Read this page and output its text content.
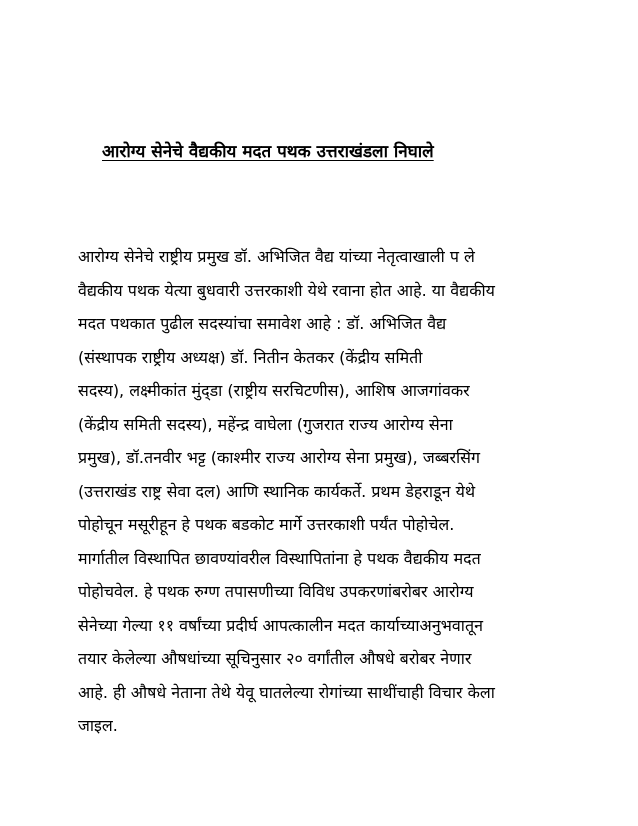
आरोग्य सेनेचे वैद्यकीय मदत पथक उत्तराखंडला निघाले
आरोग्य सेनेचे राष्ट्रीय प्रमुख डॉ. अभिजित वैद्य यांच्या नेतृत्वाखाली प ले
वैद्यकीय पथक येत्या बुधवारी उत्तरकाशी येथे रवाना होत आहे. या वैद्यकीय
मदत पथकात पुढील सदस्यांचा समावेश आहे : डॉ. अभिजित वैद्य
(संस्थापक राष्ट्रीय अध्यक्ष) डॉ. नितीन केतकर (केंद्रीय समिती
सदस्य), लक्ष्मीकांत मुंद्डा (राष्ट्रीय सरचिटणीस), आशिष आजगांवकर
(केंद्रीय समिती सदस्य), महेंन्द्र वाघेला (गुजरात राज्य आरोग्य सेना
प्रमुख), डॉ.तनवीर भट्ट (काश्मीर राज्य आरोग्य सेना प्रमुख), जब्बरसिंग
(उत्तराखंड राष्ट्र सेवा दल) आणि स्थानिक कार्यकर्ते. प्रथम डेहराडून येथे
पोहोचून मसूरीहून हे पथक बडकोट मार्गे उत्तरकाशी पर्यंत पोहोचेल.
मार्गातील विस्थापित छावण्यांवरील विस्थापितांना हे पथक वैद्यकीय मदत
पोहोचवेल. हे पथक रुग्ण तपासणीच्या विविध उपकरणांबरोबर आरोग्य
सेनेच्या गेल्या ११ वर्षांच्या प्रदीर्घ आपत्कालीन मदत कार्याच्याअनुभवातून
तयार केलेल्या औषधांच्या सूचिनुसार २० वर्गांतील औषधे बरोबर नेणार
आहे. ही औषधे नेताना तेथे येवू घातलेल्या रोगांच्या साथींचाही विचार केला
जाइल.
